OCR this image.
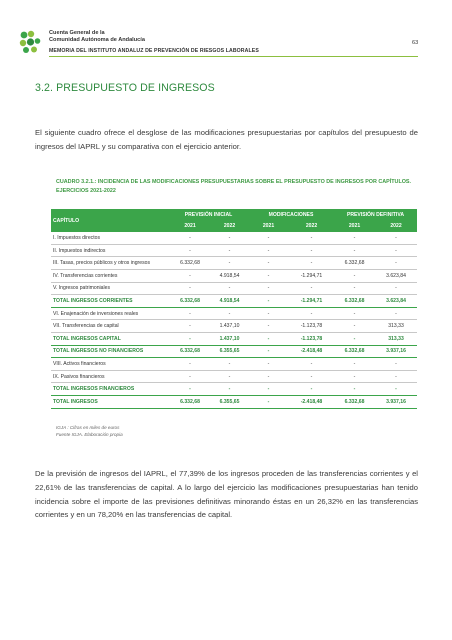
Cuenta General de la
Comunidad Autónoma de Andalucía
MEMORIA DEL INSTITUTO ANDALUZ DE PREVENCIÓN DE RIESGOS LABORALES
63
3.2. PRESUPUESTO DE INGRESOS
El siguiente cuadro ofrece el desglose de las modificaciones presupuestarias por capítulos del presupuesto de ingresos del IAPRL y su comparativa con el ejercicio anterior.
CUADRO 3.2.1.: INCIDENCIA DE LAS MODIFICACIONES PRESUPUESTARIAS SOBRE EL PRESUPUESTO DE INGRESOS POR CAPÍTULOS. EJERCICIOS 2021-2022
CAPÍTULO	PREVISIÓN INICIAL		MODIFICACIONES		PREVISIÓN DEFINITIVA	
	2021	2022	2021	2022	2021	2022
I. Impuestos directos	-	-	-	-	-	-
II. Impuestos indirectos	-	-	-	-	-	-
III. Tasas, precios públicos y otros ingresos	6.332,68	-	-	-	6.332,68	-
IV. Transferencias corrientes	-	4.918,54	-	-1.294,71	-	3.623,84
V. Ingresos patrimoniales	-	-	-	-	-	-
TOTAL INGRESOS CORRIENTES	6.332,68	4.918,54	-	-1.294,71	6.332,68	3.623,84
VI. Enajenación de inversiones reales	-	-	-	-	-	-
VII. Transferencias de capital	-	1.437,10	-	-1.123,78	-	313,33
TOTAL INGRESOS CAPITAL	-	1.437,10	-	-1.123,78	-	313,33
TOTAL INGRESOS NO FINANCIEROS	6.332,68	6.355,65	-	-2.418,48	6.332,68	3.937,16
VIII. Activos financieros	-	-	-	-	-	-
IX. Pasivos financieros	-	-	-	-	-	-
TOTAL INGRESOS FINANCIEROS	-	-	-	-	-	-
TOTAL INGRESOS	6.332,68	6.355,65	-	-2.418,48	6.332,68	3.937,16
IGJA : Cifras en miles de euros
Fuente IGJA. Elaboración propia
De la previsión de ingresos del IAPRL, el 77,39% de los ingresos proceden de las transferencias corrientes y el 22,61% de las transferencias de capital. A lo largo del ejercicio las modificaciones presupuestarias han tenido incidencia sobre el importe de las previsiones definitivas minorando éstas en un 26,32% en las transferencias corrientes y en un 78,20% en las transferencias de capital.
